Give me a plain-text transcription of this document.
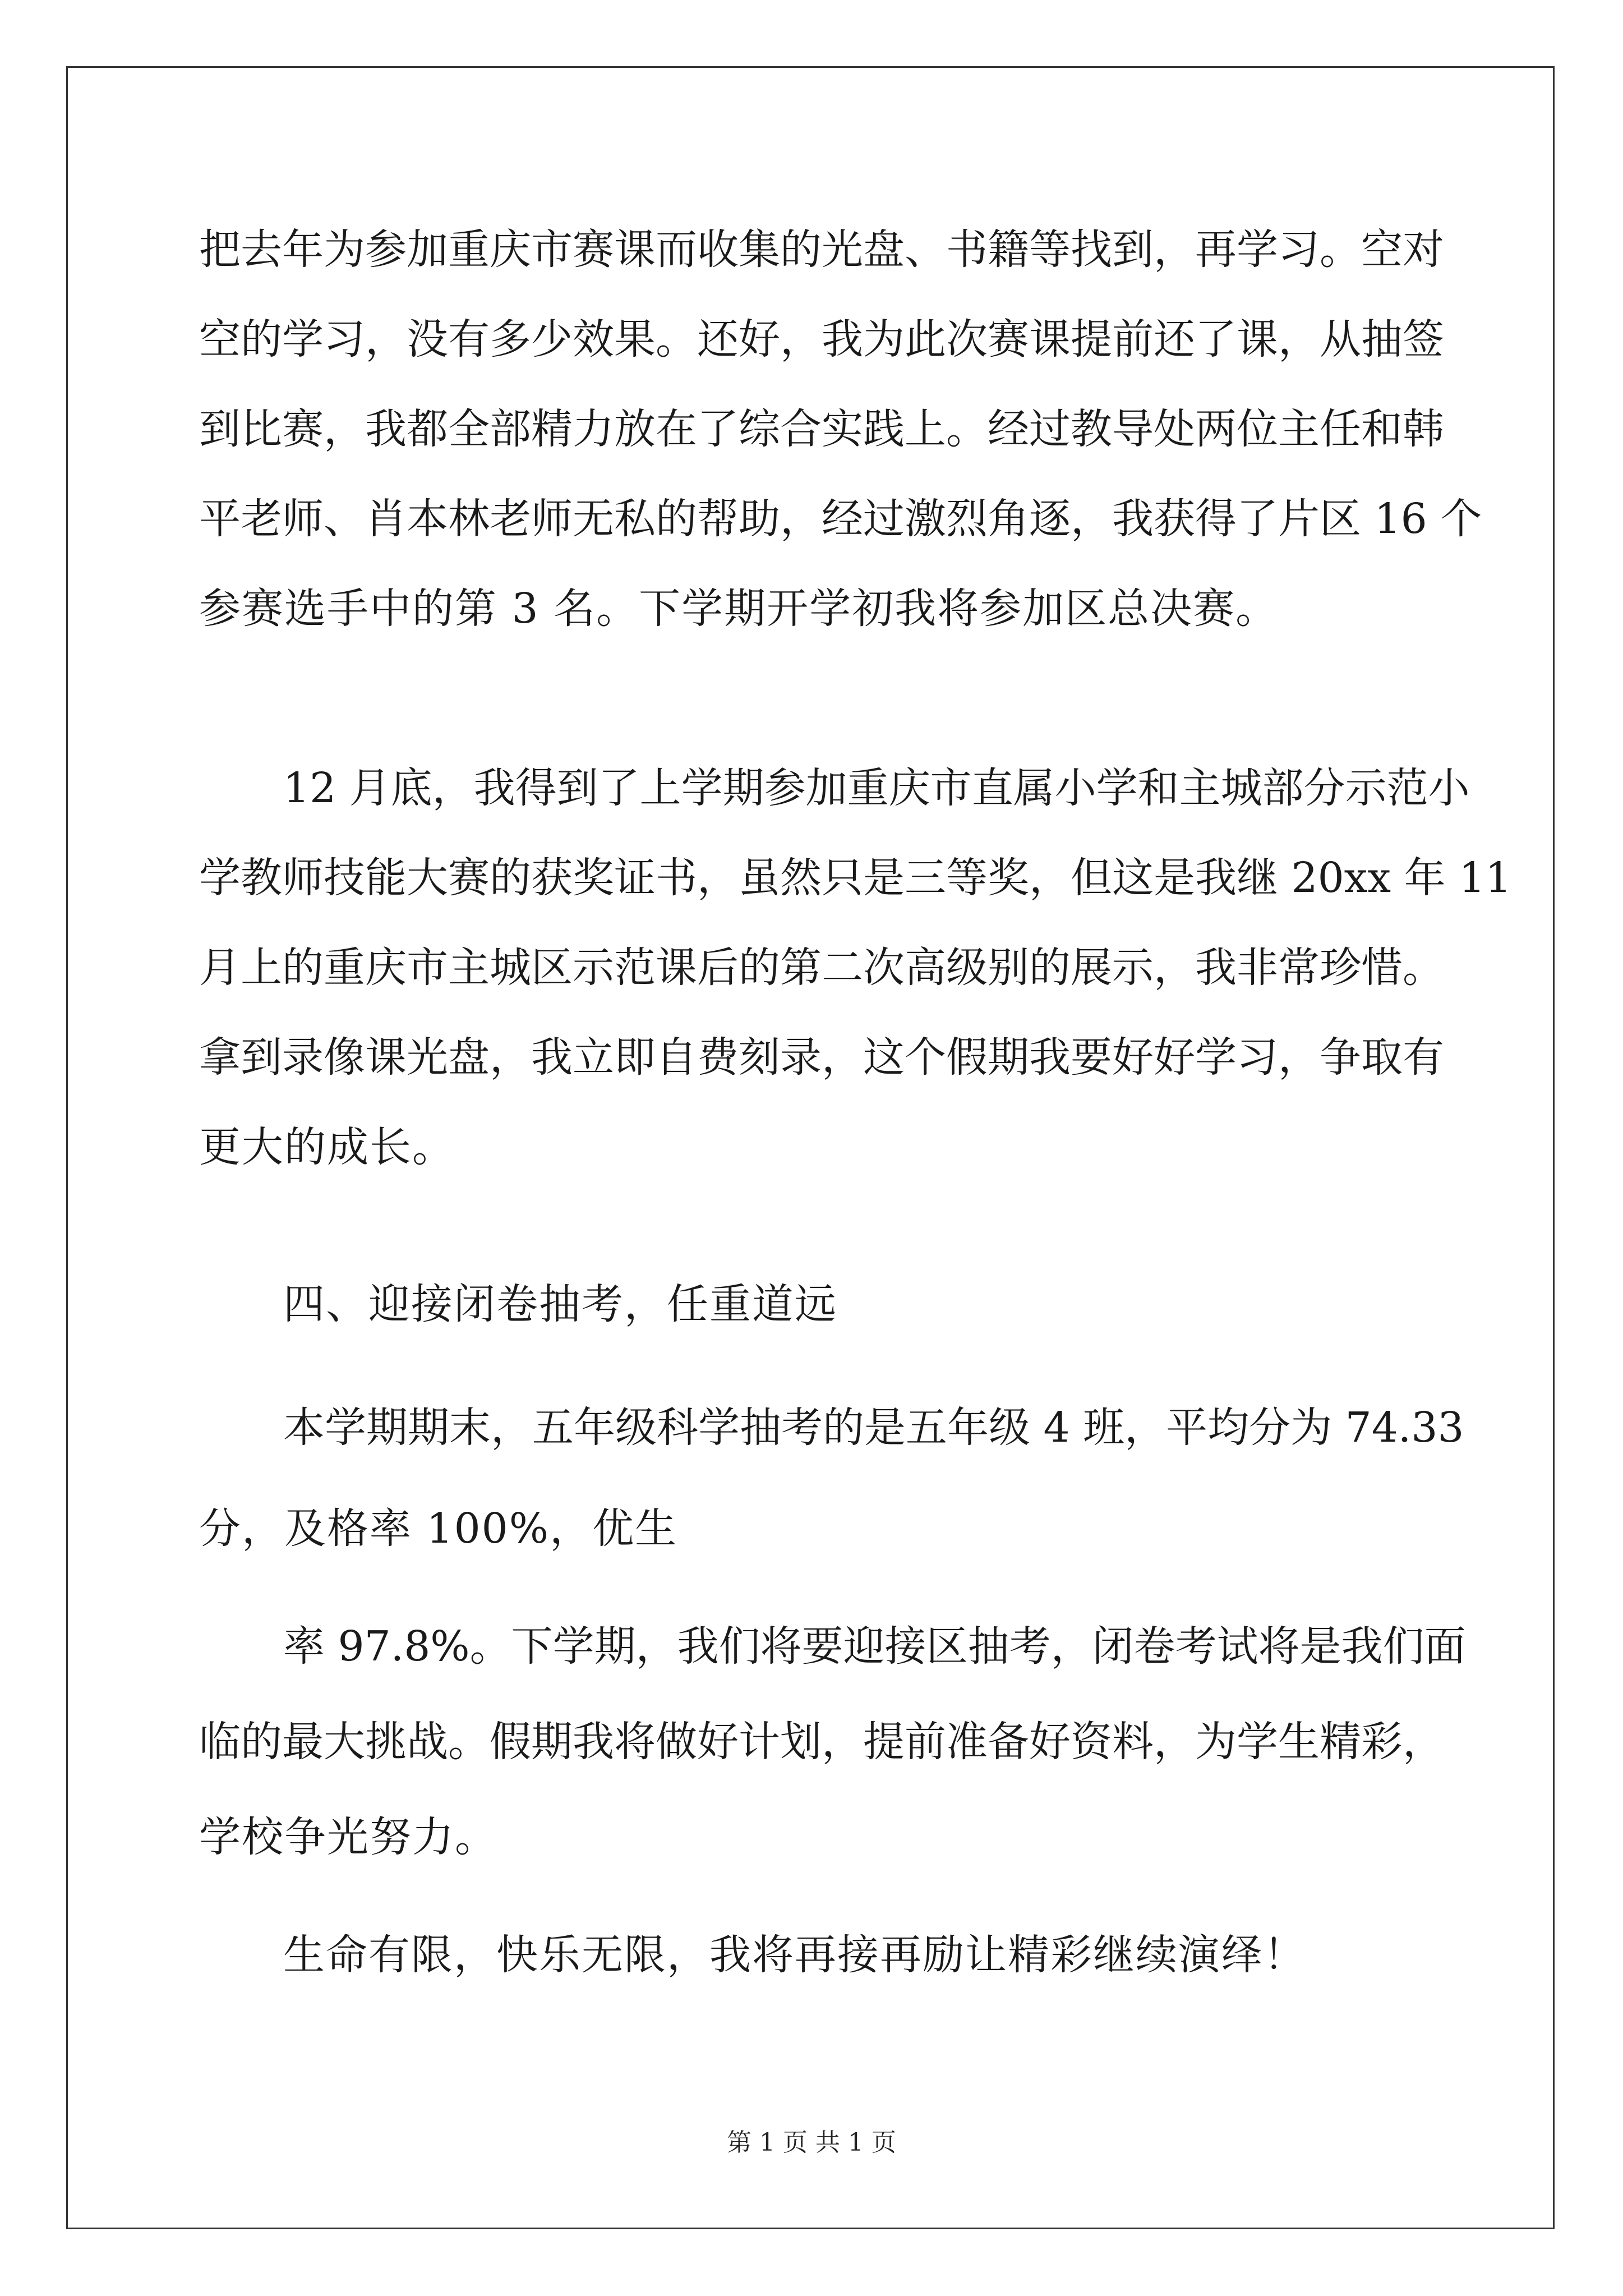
把去年为参加重庆市赛课而收集的光盘、书籍等找到，再学习。空对
空的学习，没有多少效果。还好，我为此次赛课提前还了课，从抽签
到比赛，我都全部精力放在了综合实践上。经过教导处两位主任和韩
平老师、肖本林老师无私的帮助，经过激烈角逐，我获得了片区 16 个
参赛选手中的第 3 名。下学期开学初我将参加区总决赛。
12 月底，我得到了上学期参加重庆市直属小学和主城部分示范小
学教师技能大赛的获奖证书，虽然只是三等奖，但这是我继 20xx 年 11
月上的重庆市主城区示范课后的第二次高级别的展示，我非常珍惜。
拿到录像课光盘，我立即自费刻录，这个假期我要好好学习，争取有
更大的成长。
四、迎接闭卷抽考，任重道远
本学期期末，五年级科学抽考的是五年级 4 班，平均分为 74.33
分，及格率 100%，优生
率 97.8%。下学期，我们将要迎接区抽考，闭卷考试将是我们面
临的最大挑战。假期我将做好计划，提前准备好资料，为学生精彩，
学校争光努力。
生命有限，快乐无限，我将再接再励让精彩继续演绎！
第 1 页 共 1 页
